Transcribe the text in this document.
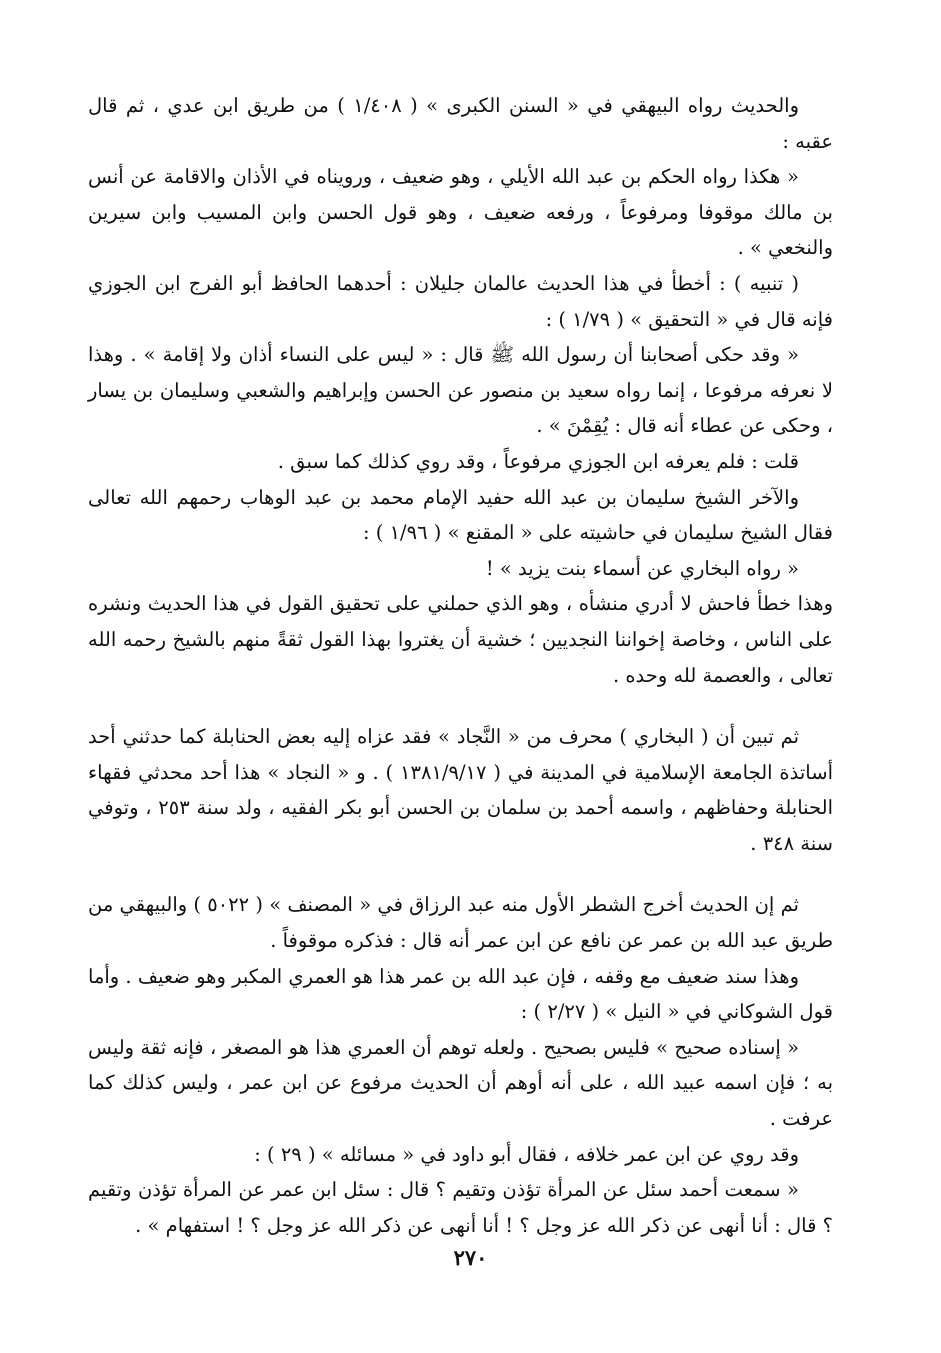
والحديث رواه البيهقي في « السنن الكبرى » ( ١/٤٠٨ ) من طريق ابن عدي ، ثم قال عقبه :

« هكذا رواه الحكم بن عبد الله الأيلي ، وهو ضعيف ، ورويناه في الأذان والاقامة عن أنس بن مالك موقوفا ومرفوعاً ، ورفعه ضعيف ، وهو قول الحسن وابن المسيب وابن سيرين والنخعي » .

( تنبيه ) : أخطأ في هذا الحديث عالمان جليلان : أحدهما الحافظ أبو الفرج ابن الجوزي فإنه قال في « التحقيق » ( ١/٧٩ ) :

« وقد حكى أصحابنا أن رسول الله ﷺ قال : « ليس على النساء أذان ولا إقامة » . وهذا لا نعرفه مرفوعا ، إنما رواه سعيد بن منصور عن الحسن وإبراهيم والشعبي وسليمان بن يسار ، وحكى عن عطاء أنه قال : يُقِمْنَ » .

قلت : فلم يعرفه ابن الجوزي مرفوعاً ، وقد روي كذلك كما سبق .

والآخر الشيخ سليمان بن عبد الله حفيد الإمام محمد بن عبد الوهاب رحمهم الله تعالى فقال الشيخ سليمان في حاشيته على « المقنع » ( ١/٩٦ ) :

« رواه البخاري عن أسماء بنت يزيد » !

وهذا خطأ فاحش لا أدري منشأه ، وهو الذي حملني على تحقيق القول في هذا الحديث ونشره على الناس ، وخاصة إخواننا النجديين ؛ خشية أن يغتروا بهذا القول ثقةً منهم بالشيخ رحمه الله تعالى ، والعصمة لله وحده .

ثم تبين أن ( البخاري ) محرف من « النَّجاد » فقد عزاه إليه بعض الحنابلة كما حدثني أحد أساتذة الجامعة الإسلامية في المدينة في ( ١٣٨١/٩/١٧ ) . و « النجاد » هذا أحد محدثي فقهاء الحنابلة وحفاظهم ، واسمه أحمد بن سلمان بن الحسن أبو بكر الفقيه ، ولد سنة ٢٥٣ ، وتوفي سنة ٣٤٨ .

ثم إن الحديث أخرج الشطر الأول منه عبد الرزاق في « المصنف » ( ٥٠٢٢ ) والبيهقي من طريق عبد الله بن عمر عن نافع عن ابن عمر أنه قال : فذكره موقوفاً .

وهذا سند ضعيف مع وقفه ، فإن عبد الله بن عمر هذا هو العمري المكبر وهو ضعيف . وأما قول الشوكاني في « النيل » ( ٢/٢٧ ) :

« إسناده صحيح » فليس بصحيح . ولعله توهم أن العمري هذا هو المصغر ، فإنه ثقة وليس به ؛ فإن اسمه عبيد الله ، على أنه أوهم أن الحديث مرفوع عن ابن عمر ، وليس كذلك كما عرفت .

وقد روي عن ابن عمر خلافه ، فقال أبو داود في « مسائله » ( ٢٩ ) :

« سمعت أحمد سئل عن المرأة تؤذن وتقيم ؟ قال : سئل ابن عمر عن المرأة تؤذن وتقيم ؟ قال : أنا أنهى عن ذكر الله عز وجل ؟ ! أنا أنهى عن ذكر الله عز وجل ؟ ! استفهام » .

٢٧٠
